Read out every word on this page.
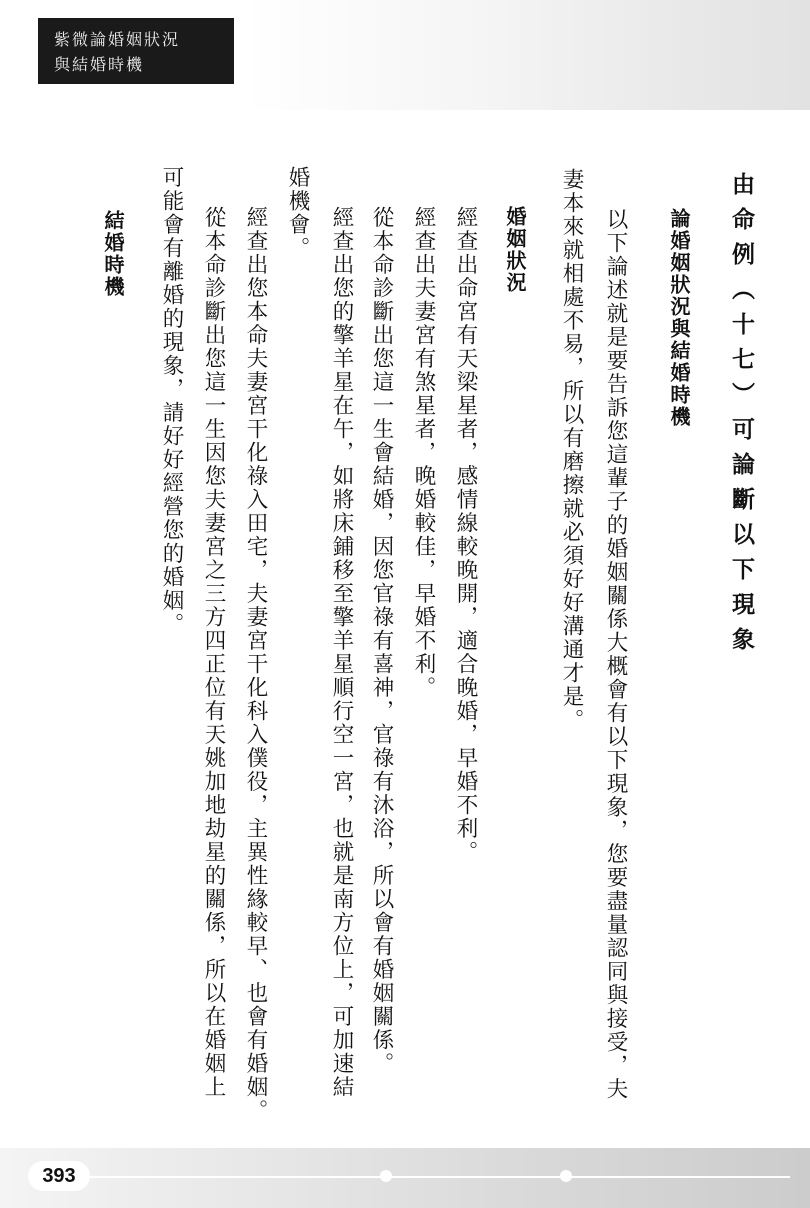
紫微論婚姻狀況
與結婚時機
由命例（十七）可論斷以下現象
論婚姻狀況與結婚時機
以下論述就是要告訴您這輩子的婚姻關係大概會有以下現象，您要盡量認同與接受，夫
妻本來就相處不易，所以有磨擦就必須好好溝通才是。
婚姻狀況
經查出命宮有天梁星者，感情線較晚開，適合晚婚，早婚不利。
經查出夫妻宮有煞星者，晚婚較佳，早婚不利。
從本命診斷出您這一生會結婚，因您官祿有喜神，官祿有沐浴，所以會有婚姻關係。
經查出您的擎羊星在午，如將床鋪移至擎羊星順行空一宮，也就是南方位上，可加速結
婚機會。
經查出您本命夫妻宮干化祿入田宅，夫妻宮干化科入僕役，主異性緣較早、也會有婚姻。
從本命診斷出您這一生因您夫妻宮之三方四正位有天姚加地劫星的關係，所以在婚姻上
可能會有離婚的現象，請好好經營您的婚姻。
結婚時機
393
